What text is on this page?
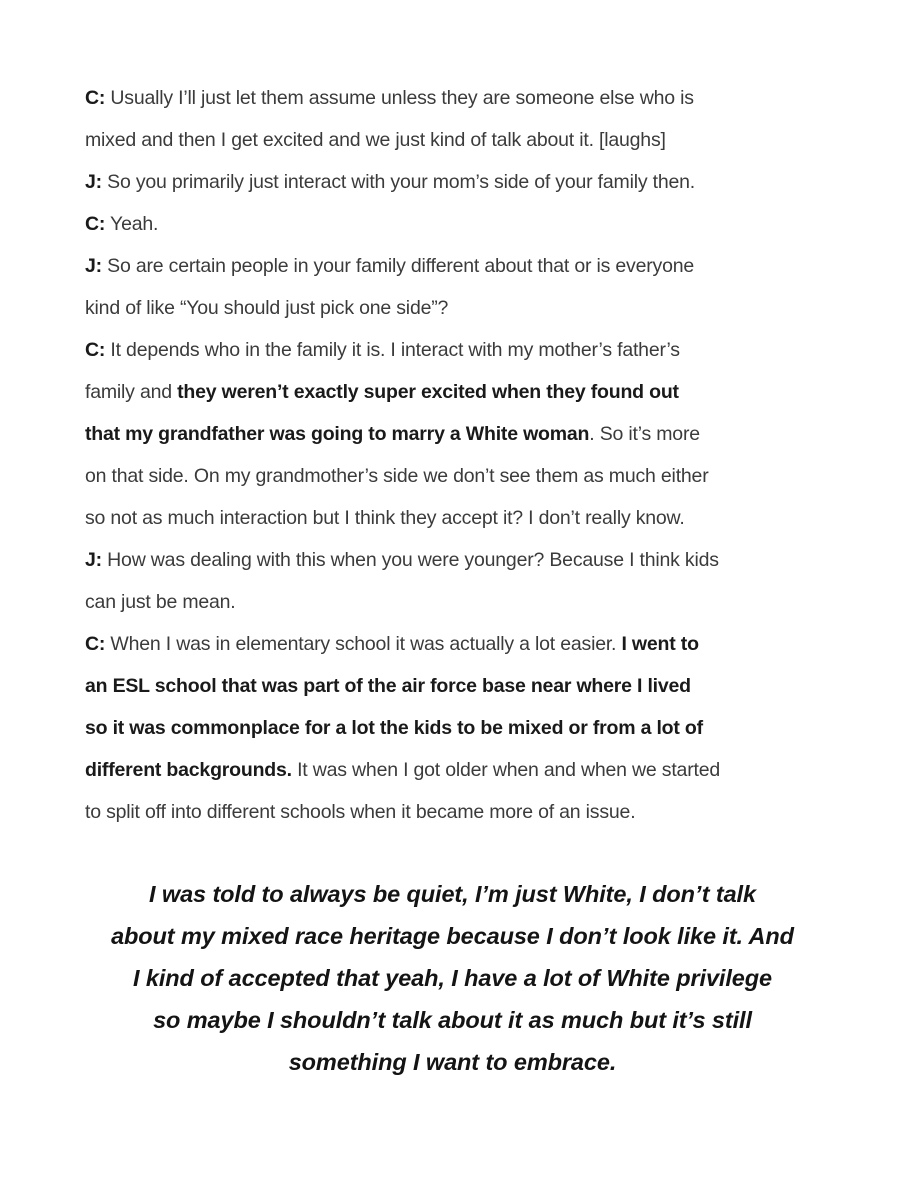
C: Usually I’ll just let them assume unless they are someone else who is
mixed and then I get excited and we just kind of talk about it. [laughs]
J: So you primarily just interact with your mom’s side of your family then.
C: Yeah.
J: So are certain people in your family different about that or is everyone
kind of like “You should just pick one side”?
C: It depends who in the family it is. I interact with my mother’s father’s
family and they weren’t exactly super excited when they found out
that my grandfather was going to marry a White woman. So it’s more
on that side. On my grandmother’s side we don’t see them as much either
so not as much interaction but I think they accept it? I don’t really know.
J: How was dealing with this when you were younger? Because I think kids
can just be mean.
C: When I was in elementary school it was actually a lot easier. I went to
an ESL school that was part of the air force base near where I lived
so it was commonplace for a lot the kids to be mixed or from a lot of
different backgrounds. It was when I got older when and when we started
to split off into different schools when it became more of an issue.
I was told to always be quiet, I’m just White, I don’t talk
about my mixed race heritage because I don’t look like it. And
I kind of accepted that yeah, I have a lot of White privilege
so maybe I shouldn’t talk about it as much but it’s still
something I want to embrace.
